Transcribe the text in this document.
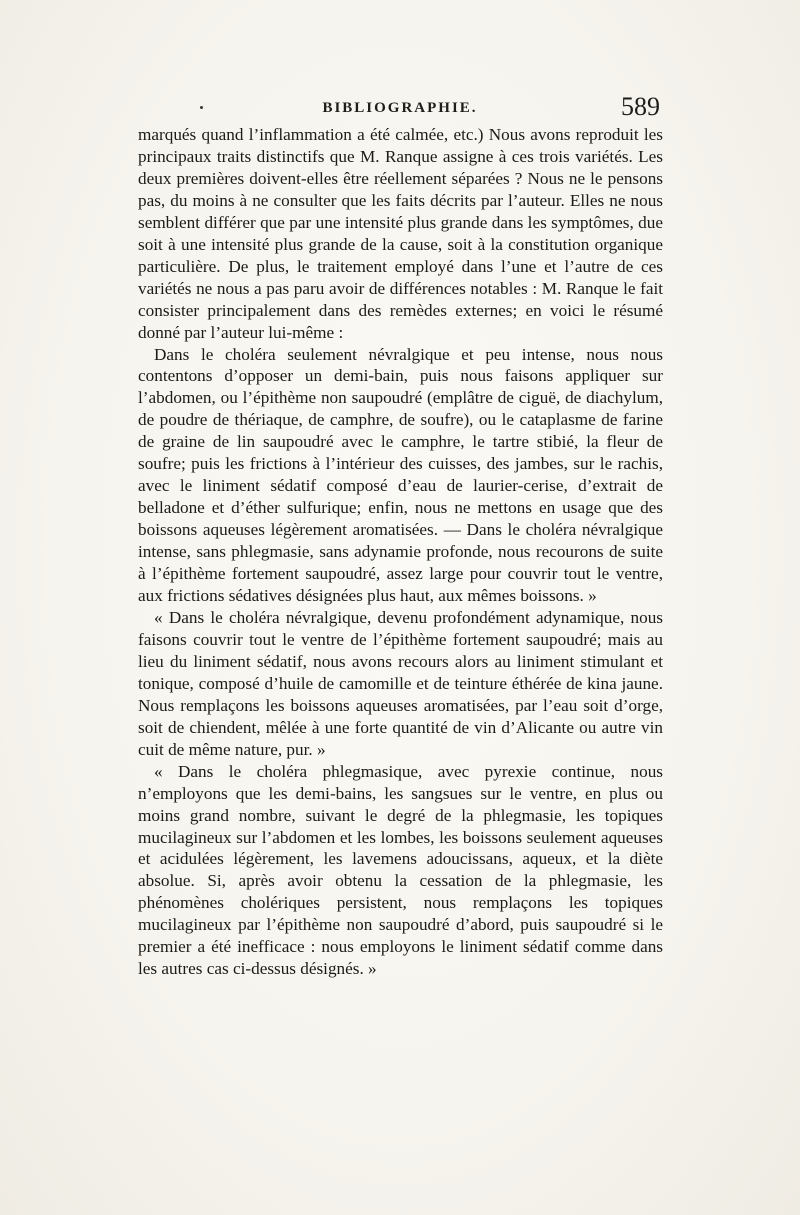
BIBLIOGRAPHIE.	589

marqués quand l’inflammation a été calmée, etc.) Nous avons reproduit les principaux traits distinctifs que M. Ranque assigne à ces trois variétés. Les deux premières doivent-elles être réellement séparées ? Nous ne le pensons pas, du moins à ne consulter que les faits décrits par l’auteur. Elles ne nous semblent différer que par une intensité plus grande dans les symptômes, due soit à une intensité plus grande de la cause, soit à la constitution organique particulière. De plus, le traitement employé dans l’une et l’autre de ces variétés ne nous a pas paru avoir de différences notables : M. Ranque le fait consister principalement dans des remèdes externes; en voici le résumé donné par l’auteur lui-même :

Dans le choléra seulement névralgique et peu intense, nous nous contentons d’opposer un demi-bain, puis nous faisons appliquer sur l’abdomen, ou l’épithème non saupoudré (emplâtre de ciguë, de diachylum, de poudre de thériaque, de camphre, de soufre), ou le cataplasme de farine de graine de lin saupoudré avec le camphre, le tartre stibié, la fleur de soufre; puis les frictions à l’intérieur des cuisses, des jambes, sur le rachis, avec le liniment sédatif composé d’eau de laurier-cerise, d’extrait de belladone et d’éther sulfurique; enfin, nous ne mettons en usage que des boissons aqueuses légèrement aromatisées. — Dans le choléra névralgique intense, sans phlegmasie, sans adynamie profonde, nous recourons de suite à l’épithème fortement saupoudré, assez large pour couvrir tout le ventre, aux frictions sédatives désignées plus haut, aux mêmes boissons. »

« Dans le choléra névralgique, devenu profondément adynamique, nous faisons couvrir tout le ventre de l’épithème fortement saupoudré; mais au lieu du liniment sédatif, nous avons recours alors au liniment stimulant et tonique, composé d’huile de camomille et de teinture éthérée de kina jaune. Nous remplaçons les boissons aqueuses aromatisées, par l’eau soit d’orge, soit de chiendent, mêlée à une forte quantité de vin d’Alicante ou autre vin cuit de même nature, pur. »

« Dans le choléra phlegmasique, avec pyrexie continue, nous n’employons que les demi-bains, les sangsues sur le ventre, en plus ou moins grand nombre, suivant le degré de la phlegmasie, les topiques mucilagineux sur l’abdomen et les lombes, les boissons seulement aqueuses et acidulées légèrement, les lavemens adoucissans, aqueux, et la diète absolue. Si, après avoir obtenu la cessation de la phlegmasie, les phénomènes cholériques persistent, nous remplaçons les topiques mucilagineux par l’épithème non saupoudré d’abord, puis saupoudré si le premier a été inefficace : nous employons le liniment sédatif comme dans les autres cas ci-dessus désignés. »
